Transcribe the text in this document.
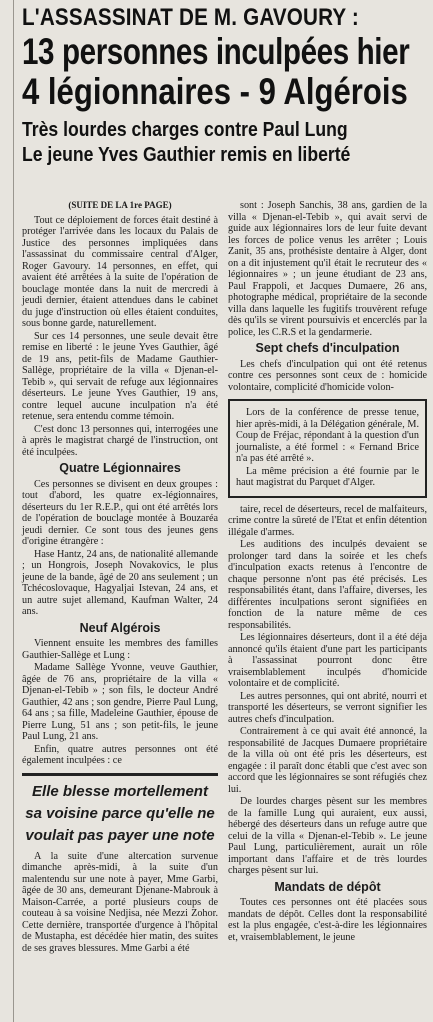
L'ASSASSINAT DE M. GAVOURY :
13 personnes inculpées hier
4 légionnaires - 9 Algérois
Très lourdes charges contre Paul Lung
Le jeune Yves Gauthier remis en liberté
(SUITE DE LA 1re PAGE)

Tout ce déploiement de forces était destiné à protéger l'arrivée dans les locaux du Palais de Justice des personnes impliquées dans l'assassinat du commissaire central d'Alger, Roger Gavoury. 14 personnes, en effet, qui avaient été arrêtées à la suite de l'opération de bouclage montée dans la nuit de mercredi à jeudi dernier, étaient attendues dans le cabinet du juge d'instruction où elles étaient conduites, sous bonne garde, naturellement.

Sur ces 14 personnes, une seule devait être remise en liberté : le jeune Yves Gauthier, âgé de 19 ans, petit-fils de Madame Gauthier-Sallège, propriétaire de la villa « Djenan-el-Tebib », qui servait de refuge aux légionnaires déserteurs. Le jeune Yves Gauthier, 19 ans, contre lequel aucune inculpation n'a été retenue, sera entendu comme témoin.

C'est donc 13 personnes qui, interrogées une à après le magistrat chargé de l'instruction, ont été inculpées.

Quatre Légionnaires

Ces personnes se divisent en deux groupes : tout d'abord, les quatre ex-légionnaires, déserteurs du 1er R.E.P., qui ont été arrêtés lors de l'opération de bouclage montée à Bouzaréa jeudi dernier. Ce sont tous des jeunes gens d'origine étrangère :

Hase Hantz, 24 ans, de nationalité allemande ; un Hongrois, Joseph Novakovics, le plus jeune de la bande, âgé de 20 ans seulement ; un Tchécoslovaque, Hagyaljai Istevan, 24 ans, et un autre sujet allemand, Kaufman Walter, 24 ans.

Neuf Algérois

Viennent ensuite les membres des familles Gauthier-Sallège et Lung :

Madame Sallège Yvonne, veuve Gauthier, âgée de 76 ans, propriétaire de la villa « Djenan-el-Tebib » ; son fils, le docteur André Gauthier, 42 ans ; son gendre, Pierre Paul Lung, 64 ans ; sa fille, Madeleine Gauthier, épouse de Pierre Lung, 51 ans ; son petit-fils, le jeune Paul Lung, 21 ans.

Enfin, quatre autres personnes ont été également inculpées : ce

Elle blesse mortellement sa voisine parce qu'elle ne voulait pas payer une note

A la suite d'une altercation survenue dimanche après-midi, à la suite d'un malentendu sur une note à payer, Mme Garbi, âgée de 30 ans, demeurant Djenane-Mabrouk à Maison-Carrée, a porté plusieurs coups de couteau à sa voisine Nedjisa, née Mezzi Zohor. Cette dernière, transportée d'urgence à l'hôpital de Mustapha, est décédée hier matin, des suites de ses graves blessures. Mme Garbi a été

sont : Joseph Sanchis, 38 ans, gardien de la villa « Djenan-el-Tebib », qui avait servi de guide aux légionnaires lors de leur fuite devant les forces de police venus les arrêter ; Louis Zanit, 35 ans, prothésiste dentaire à Alger, dont on a dit injustement qu'il était le recruteur des « légionnaires » ; un jeune étudiant de 23 ans, Paul Frappoli, et Jacques Dumaere, 26 ans, photographe médical, propriétaire de la seconde villa dans laquelle les fugitifs trouvèrent refuge dès qu'ils se virent poursuivis et encerclés par la police, les C.R.S et la gendarmerie.

Sept chefs d'inculpation

Les chefs d'inculpation qui ont été retenus contre ces personnes sont ceux de : homicide volontaire, complicité d'homicide volon-

Lors de la conférence de presse tenue, hier après-midi, à la Délégation générale, M. Coup de Fréjac, répondant à la question d'un journaliste, a été formel : « Fernand Brice n'a pas été arrêté ».

La même précision a été fournie par le haut magistrat du Parquet d'Alger.

taire, recel de déserteurs, recel de malfaiteurs, crime contre la sûreté de l'Etat et enfin détention illégale d'armes.

Les auditions des inculpés devaient se prolonger tard dans la soirée et les chefs d'inculpation exacts retenus à l'encontre de chaque personne n'ont pas été précisés. Les responsabilités étant, dans l'affaire, diverses, les différentes inculpations seront signifiées en fonction de la nature même de ces responsabilités.

Les légionnaires déserteurs, dont il a été déja annoncé qu'ils étaient d'une part les participants à l'assassinat pourront donc être vraisemblablement inculpés d'homicide volontaire et de complicité.

Les autres personnes, qui ont abrité, nourri et transporté les déserteurs, se verront signifier les autres chefs d'inculpation.

Contrairement à ce qui avait été annoncé, la responsabilité de Jacques Dumaere propriétaire de la villa où ont été pris les déserteurs, est engagée : il paraît donc établi que c'est avec son accord que les légionnaires se sont réfugiés chez lui.

De lourdes charges pèsent sur les membres de la famille Lung qui auraient, eux aussi, hébergé des déserteurs dans un refuge autre que celui de la villa « Djenan-el-Tebib ». Le jeune Paul Lung, particulièrement, aurait un rôle important dans l'affaire et de très lourdes charges pèsent sur lui.

Mandats de dépôt

Toutes ces personnes ont été placées sous mandats de dépôt. Celles dont la responsabilité est la plus engagée, c'est-à-dire les légionnaires et, vraisemblablement, le jeune
